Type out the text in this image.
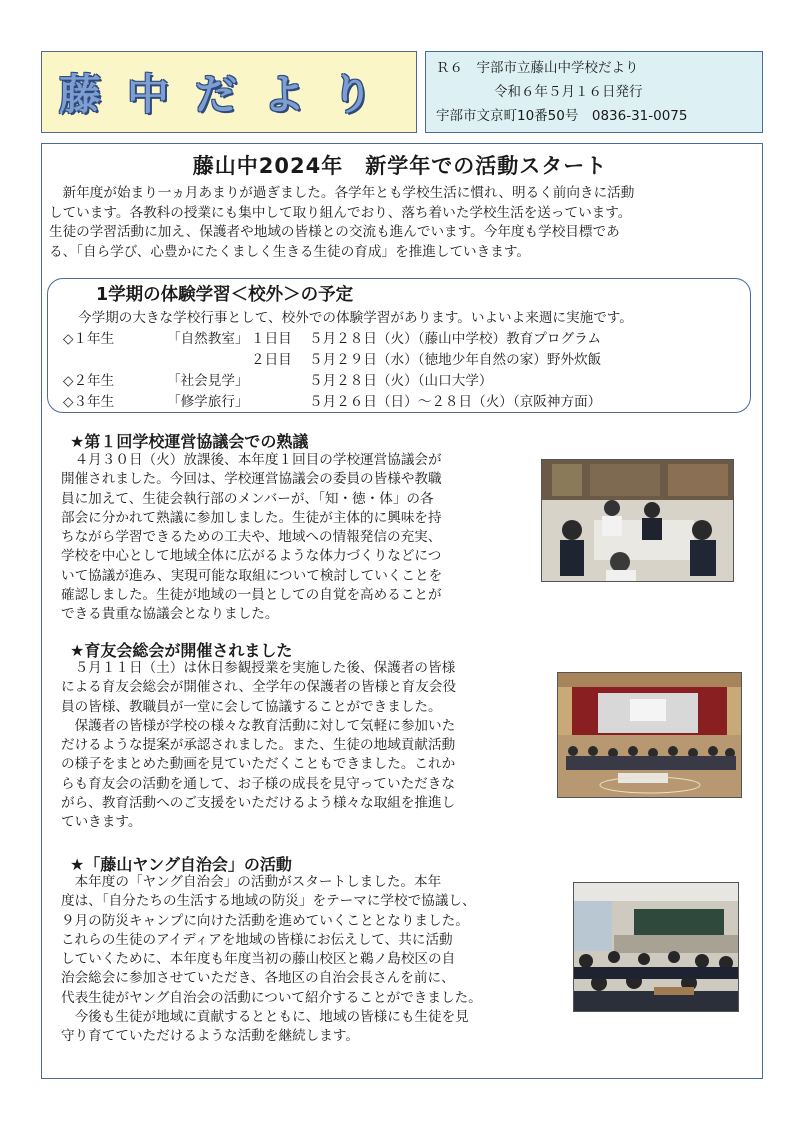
藤中だより
Ｒ６　宇部市立藤山中学校だより
令和６年５月１６日発行
宇部市文京町10番50号　0836-31-0075
藤山中2024年　新学年での活動スタート

　新年度が始まり一ヵ月あまりが過ぎました。各学年とも学校生活に慣れ、明るく前向きに活動

しています。各教科の授業にも集中して取り組んでおり、落ち着いた学校生活を送っています。

生徒の学習活動に加え、保護者や地域の皆様との交流も進んでいます。今年度も学校目標であ

る、「自ら学び、心豊かにたくましく生きる生徒の育成」を推進していきます。

1学期の体験学習＜校外＞の予定
今学期の大きな学校行事として、校外での体験学習があります。いよいよ来週に実施です。
◇１年生	「自然教室」 １日目 ５月２８日（火）（藤山中学校）教育プログラム
２日目 ５月２９日（水）（徳地少年自然の家）野外炊飯
◇２年生	「社会見学」	５月２８日（火）（山口大学）
◇３年生	「修学旅行」	５月２６日（日）～２８日（火）（京阪神方面）
★第１回学校運営協議会での熟議

　４月３０日（火）放課後、本年度１回目の学校運営協議会が

開催されました。今回は、学校運営協議会の委員の皆様や教職

員に加えて、生徒会執行部のメンバーが、「知・徳・体」の各

部会に分かれて熟議に参加しました。生徒が主体的に興味を持

ちながら学習できるための工夫や、地域への情報発信の充実、

学校を中心として地域全体に広がるような体力づくりなどにつ

いて協議が進み、実現可能な取組について検討していくことを

確認しました。生徒が地域の一員としての自覚を高めることが

できる貴重な協議会となりました。

★育友会総会が開催されました

　５月１１日（土）は休日参観授業を実施した後、保護者の皆様

による育友会総会が開催され、全学年の保護者の皆様と育友会役

員の皆様、教職員が一堂に会して協議することができました。

　保護者の皆様が学校の様々な教育活動に対して気軽に参加いた

だけるような提案が承認されました。また、生徒の地域貢献活動

の様子をまとめた動画を見ていただくこともできました。これか

らも育友会の活動を通して、お子様の成長を見守っていただきな

がら、教育活動へのご支援をいただけるよう様々な取組を推進し

ていきます。

★「藤山ヤング自治会」の活動

　本年度の「ヤング自治会」の活動がスタートしました。本年

度は、「自分たちの生活する地域の防災」をテーマに学校で協議し、

９月の防災キャンプに向けた活動を進めていくこととなりました。

これらの生徒のアイディアを地域の皆様にお伝えして、共に活動

していくために、本年度も年度当初の藤山校区と鵜ノ島校区の自

治会総会に参加させていただき、各地区の自治会長さんを前に、

代表生徒がヤング自治会の活動について紹介することができました。

　今後も生徒が地域に貢献するとともに、地域の皆様にも生徒を見

守り育てていただけるような活動を継続します。
